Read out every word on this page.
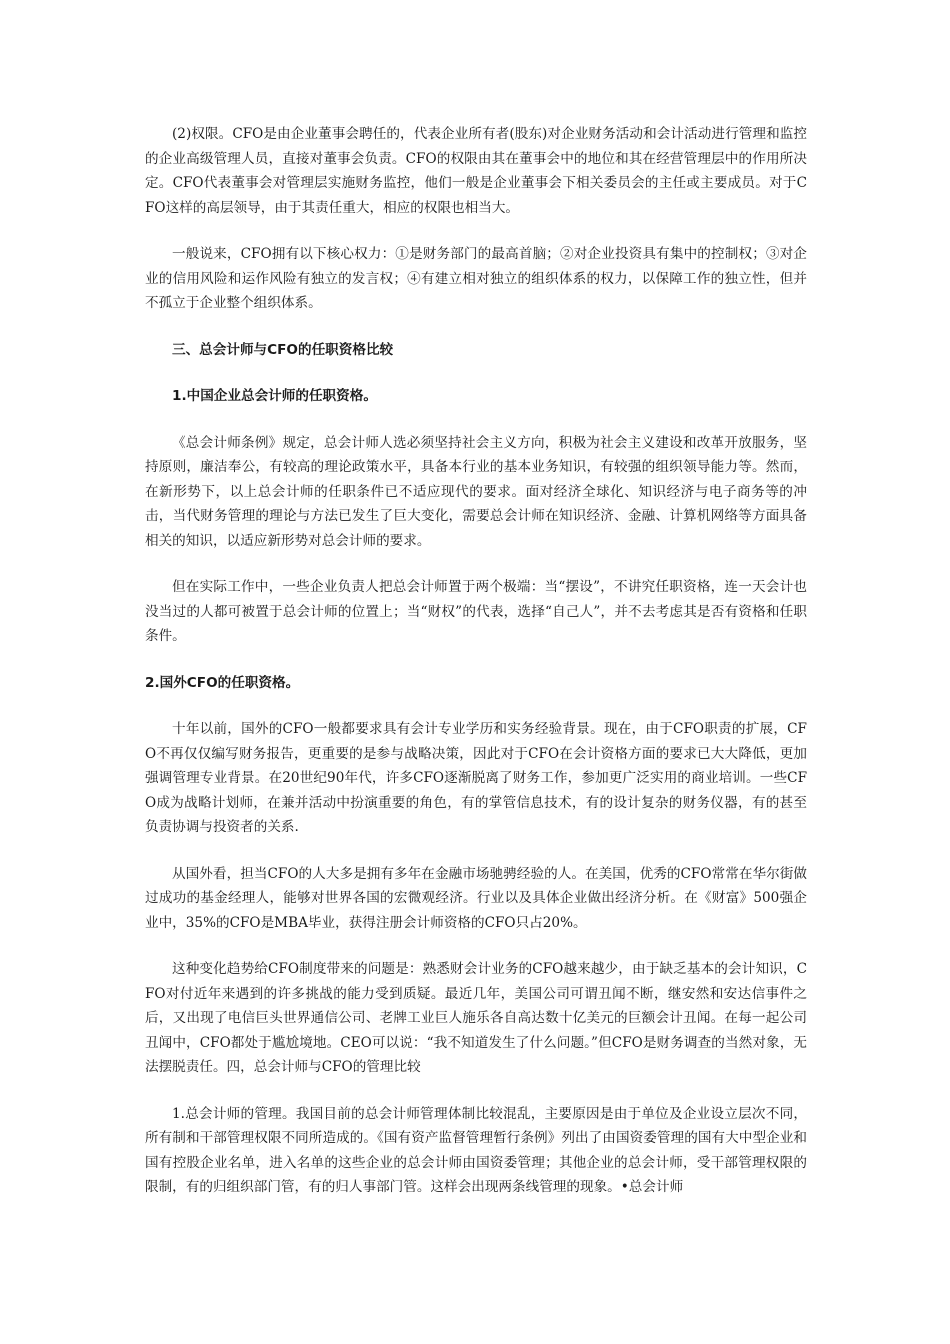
(2)权限。CFO是由企业董事会聘任的，代表企业所有者(股东)对企业财务活动和会计活动进行管理和监控的企业高级管理人员，直接对董事会负责。CFO的权限由其在董事会中的地位和其在经营管理层中的作用所决定。CFO代表董事会对管理层实施财务监控，他们一般是企业董事会下相关委员会的主任或主要成员。对于CFO这样的高层领导，由于其责任重大，相应的权限也相当大。

一般说来，CFO拥有以下核心权力：①是财务部门的最高首脑；②对企业投资具有集中的控制权；③对企业的信用风险和运作风险有独立的发言权；④有建立相对独立的组织体系的权力，以保障工作的独立性，但并不孤立于企业整个组织体系。

三、总会计师与CFO的任职资格比较

1.中国企业总会计师的任职资格。

《总会计师条例》规定，总会计师人选必须坚持社会主义方向，积极为社会主义建设和改革开放服务，坚持原则，廉洁奉公，有较高的理论政策水平，具备本行业的基本业务知识，有较强的组织领导能力等。然而，在新形势下，以上总会计师的任职条件已不适应现代的要求。面对经济全球化、知识经济与电子商务等的冲击，当代财务管理的理论与方法已发生了巨大变化，需要总会计师在知识经济、金融、计算机网络等方面具备相关的知识，以适应新形势对总会计师的要求。

但在实际工作中，一些企业负责人把总会计师置于两个极端：当“摆设”，不讲究任职资格，连一天会计也没当过的人都可被置于总会计师的位置上；当“财权”的代表，选择“自己人”，并不去考虑其是否有资格和任职条件。

2.国外CFO的任职资格。

十年以前，国外的CFO一般都要求具有会计专业学历和实务经验背景。现在，由于CFO职责的扩展，CFO不再仅仅编写财务报告，更重要的是参与战略决策，因此对于CFO在会计资格方面的要求已大大降低，更加强调管理专业背景。在20世纪90年代，许多CFO逐渐脱离了财务工作，参加更广泛实用的商业培训。一些CFO成为战略计划师，在兼并活动中扮演重要的角色，有的掌管信息技术，有的设计复杂的财务仪器，有的甚至负责协调与投资者的关系.

从国外看，担当CFO的人大多是拥有多年在金融市场驰骋经验的人。在美国，优秀的CFO常常在华尔街做过成功的基金经理人，能够对世界各国的宏微观经济。行业以及具体企业做出经济分析。在《财富》500强企业中，35%的CFO是MBA毕业，获得注册会计师资格的CFO只占20%。

这种变化趋势给CFO制度带来的问题是：熟悉财会计业务的CFO越来越少，由于缺乏基本的会计知识，CFO对付近年来遇到的许多挑战的能力受到质疑。最近几年，美国公司可谓丑闻不断，继安然和安达信事件之后，又出现了电信巨头世界通信公司、老牌工业巨人施乐各自高达数十亿美元的巨额会计丑闻。在每一起公司丑闻中，CFO都处于尴尬境地。CEO可以说：“我不知道发生了什么问题。”但CFO是财务调查的当然对象，无法摆脱责任。四，总会计师与CFO的管理比较

1.总会计师的管理。我国目前的总会计师管理体制比较混乱，主要原因是由于单位及企业设立层次不同，所有制和干部管理权限不同所造成的。《国有资产监督管理暂行条例》列出了由国资委管理的国有大中型企业和国有控股企业名单，进入名单的这些企业的总会计师由国资委管理；其他企业的总会计师，受干部管理权限的限制，有的归组织部门管，有的归人事部门管。这样会出现两条线管理的现象。•总会计师
